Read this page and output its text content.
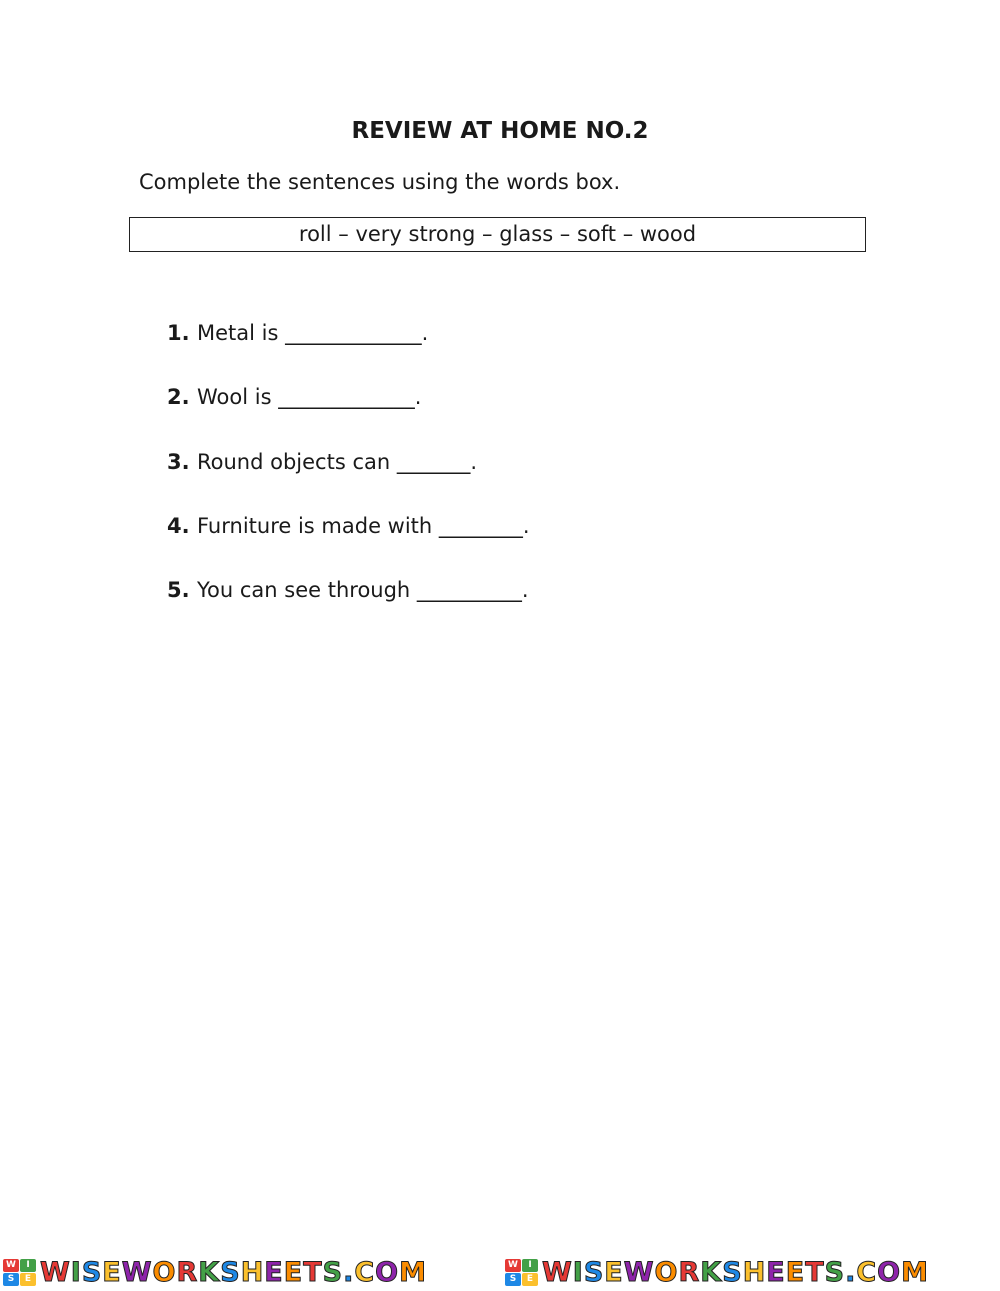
REVIEW AT HOME NO.2
Complete the sentences using the words box.
roll – very strong – glass – soft – wood
1. Metal is _____________.
2. Wool is _____________.
3. Round objects can _______.
4. Furniture is made with ________.
5. You can see through __________.
W	I
S	E WISEWORKSHEETS.COM	W	I
S	E WISEWORKSHEETS.COM
